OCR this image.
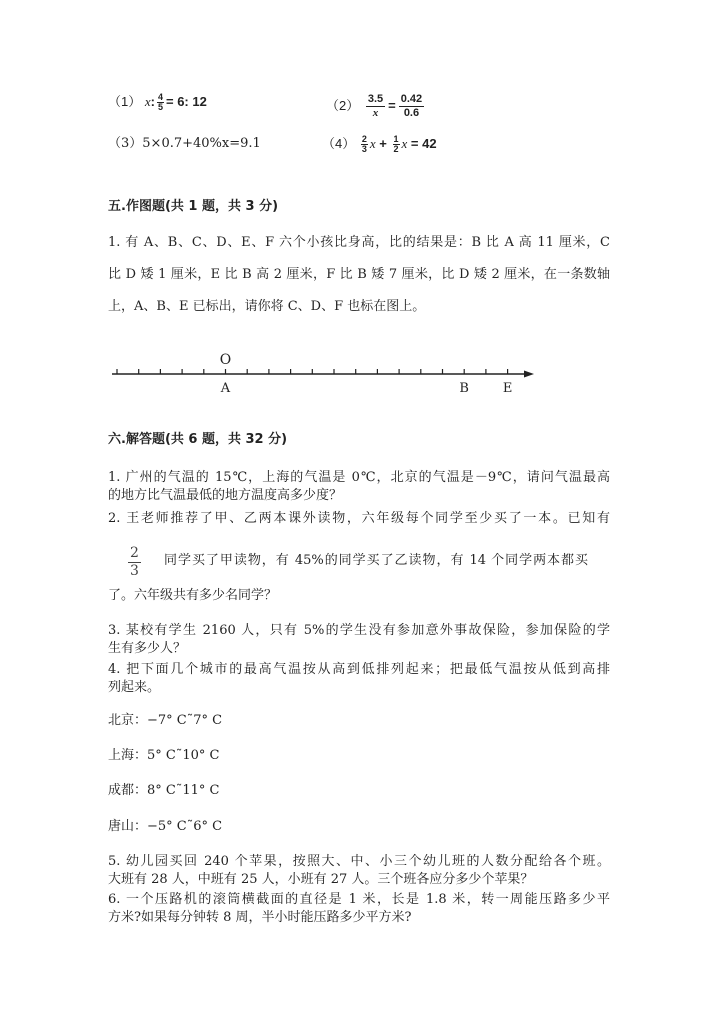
（1） x: $\frac{4}{5} = 6$: 12	$(2) \frac{3.5}{x} = \frac{0.42}{0.6}$
（3）5×0.7+40%x=9.1	$(4) \frac{2}{3}$ $x + \frac{1}{2}$ x = 42
五.作图题(共 1 题，共 3 分)
1. 有 A、B、C、D、E、F 六个小孩比身高，比的结果是：B 比 A 高 11 厘米，C
比 D 矮 1 厘米，E 比 B 高 2 厘米，F 比 B 矮 7 厘米，比 D 矮 2 厘米，在一条数轴
上，A、B、E 已标出，请你将 C、D、F 也标在图上。
O
A	B	E
六.解答题(共 6 题，共 32 分)
1. 广州的气温的 15℃，上海的气温是 0℃，北京的气温是－9℃，请问气温最高
的地方比气温最低的地方温度高多少度？
2. 王老师推荐了甲、乙两本课外读物，六年级每个同学至少买了一本。已知有
2
3
同学买了甲读物，有 45%的同学买了乙读物，有 14 个同学两本都买
了。六年级共有多少名同学？
3. 某校有学生 2160 人，只有 5%的学生没有参加意外事故保险，参加保险的学
生有多少人？
4. 把下面几个城市的最高气温按从高到低排列起来；把最低气温按从低到高排
列起来。
北京：−7° C˜7° C
上海：5° C˜10° C
成都：8° C˜11° C
唐山：−5° C˜6° C
5. 幼儿园买回 240 个苹果，按照大、中、小三个幼儿班的人数分配给各个班。
大班有 28 人，中班有 25 人，小班有 27 人。三个班各应分多少个苹果？
6. 一个压路机的滚筒横截面的直径是 1 米，长是 1.8 米，转一周能压路多少平
方米?如果每分钟转 8 周，半小时能压路多少平方米?
